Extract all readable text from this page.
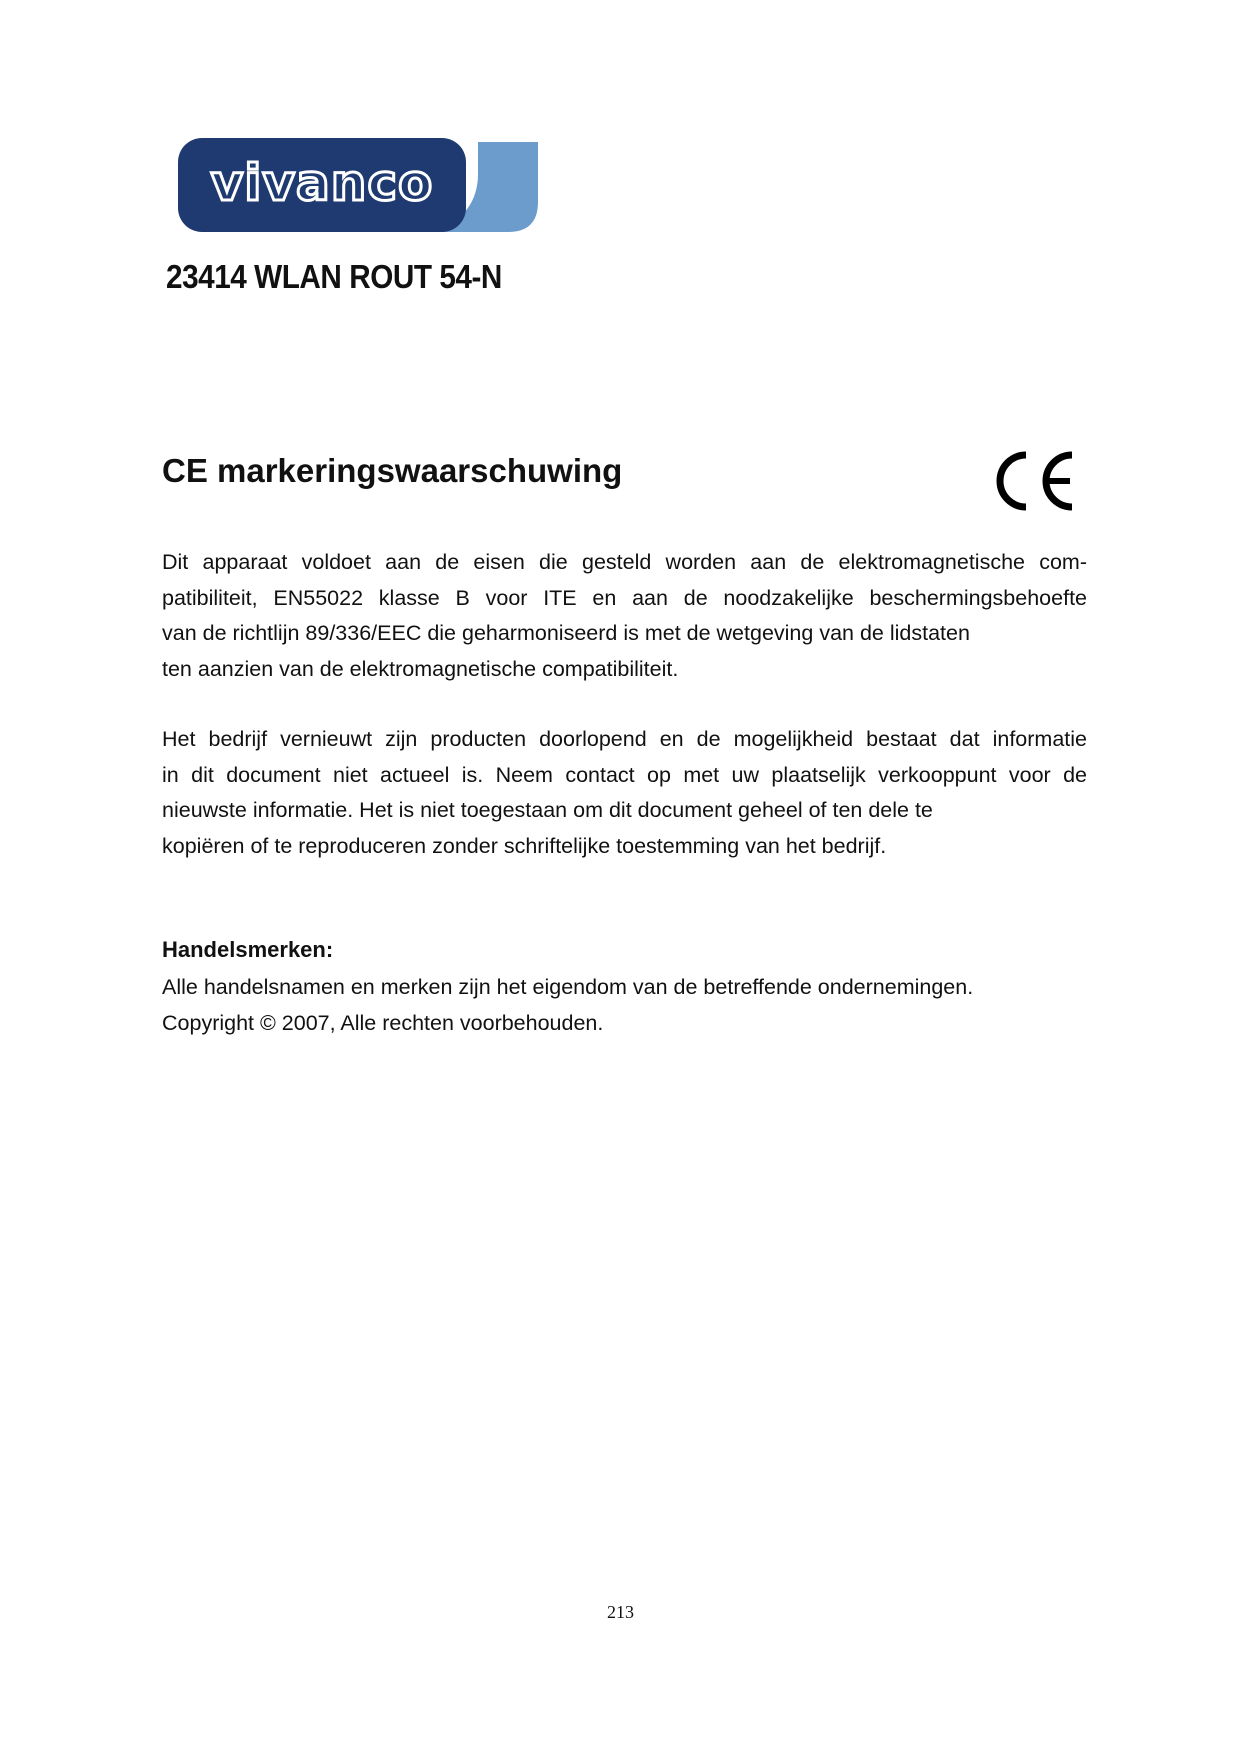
vivanco
23414 WLAN ROUT 54-N
CE markeringswaarschuwing

Dit apparaat voldoet aan de eisen die gesteld worden aan de elektromagnetische com-
patibiliteit, EN55022 klasse B voor ITE en aan de noodzakelijke beschermingsbehoefte
van de richtlijn 89/336/EEC die geharmoniseerd is met de wetgeving van de lidstaten
ten aanzien van de elektromagnetische compatibiliteit.

Het bedrijf vernieuwt zijn producten doorlopend en de mogelijkheid bestaat dat informatie
in dit document niet actueel is. Neem contact op met uw plaatselijk verkooppunt voor de
nieuwste informatie. Het is niet toegestaan om dit document geheel of ten dele te
kopiëren of te reproduceren zonder schriftelijke toestemming van het bedrijf.

Handelsmerken:

Alle handelsnamen en merken zijn het eigendom van de betreffende ondernemingen.
Copyright © 2007, Alle rechten voorbehouden.

213
